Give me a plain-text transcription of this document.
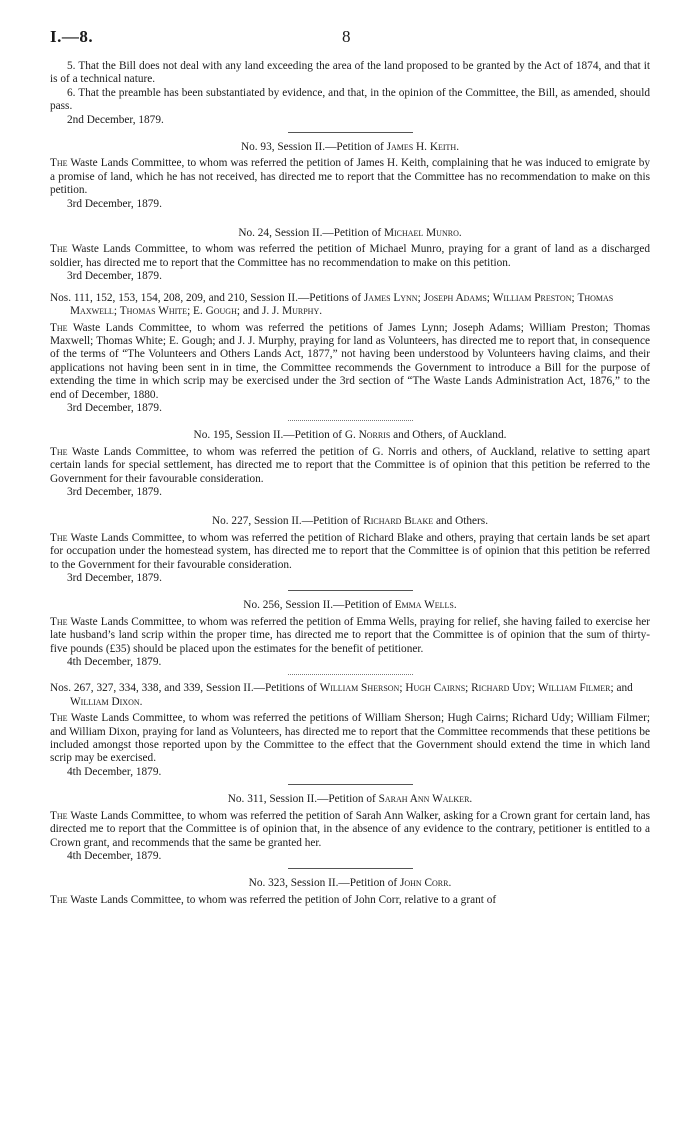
I.—8.	8

5. That the Bill does not deal with any land exceeding the area of the land proposed to be granted by the Act of 1874, and that it is of a technical nature.

6. That the preamble has been substantiated by evidence, and that, in the opinion of the Committee, the Bill, as amended, should pass.

2nd December, 1879.

No. 93, Session II.—Petition of James H. Keith.

The Waste Lands Committee, to whom was referred the petition of James H. Keith, complaining that he was induced to emigrate by a promise of land, which he has not received, has directed me to report that the Committee has no recommendation to make on this petition.

3rd December, 1879.

No. 24, Session II.—Petition of Michael Munro.

The Waste Lands Committee, to whom was referred the petition of Michael Munro, praying for a grant of land as a discharged soldier, has directed me to report that the Committee has no recommendation to make on this petition.

3rd December, 1879.

Nos. 111, 152, 153, 154, 208, 209, and 210, Session II.—Petitions of James Lynn; Joseph Adams; William Preston; Thomas Maxwell; Thomas White; E. Gough; and J. J. Murphy.

The Waste Lands Committee, to whom was referred the petitions of James Lynn; Joseph Adams; William Preston; Thomas Maxwell; Thomas White; E. Gough; and J. J. Murphy, praying for land as Volunteers, has directed me to report that, in consequence of the terms of “The Volunteers and Others Lands Act, 1877,” not having been understood by Volunteers having claims, and their applications not having been sent in in time, the Committee recommends the Government to introduce a Bill for the purpose of extending the time in which scrip may be exercised under the 3rd section of “The Waste Lands Administration Act, 1876,” to the end of December, 1880.

3rd December, 1879.

No. 195, Session II.—Petition of G. Norris and Others, of Auckland.

The Waste Lands Committee, to whom was referred the petition of G. Norris and others, of Auckland, relative to setting apart certain lands for special settlement, has directed me to report that the Committee is of opinion that this petition be referred to the Government for their favourable consideration.

3rd December, 1879.

No. 227, Session II.—Petition of Richard Blake and Others.

The Waste Lands Committee, to whom was referred the petition of Richard Blake and others, praying that certain lands be set apart for occupation under the homestead system, has directed me to report that the Committee is of opinion that this petition be referred to the Government for their favourable consideration.

3rd December, 1879.

No. 256, Session II.—Petition of Emma Wells.

The Waste Lands Committee, to whom was referred the petition of Emma Wells, praying for relief, she having failed to exercise her late husband’s land scrip within the proper time, has directed me to report that the Committee is of opinion that the sum of thirty-five pounds (£35) should be placed upon the estimates for the benefit of petitioner.

4th December, 1879.

Nos. 267, 327, 334, 338, and 339, Session II.—Petitions of William Sherson; Hugh Cairns; Richard Udy; William Filmer; and William Dixon.

The Waste Lands Committee, to whom was referred the petitions of William Sherson; Hugh Cairns; Richard Udy; William Filmer; and William Dixon, praying for land as Volunteers, has directed me to report that the Committee recommends that these petitions be included amongst those reported upon by the Committee to the effect that the Government should extend the time in which land scrip may be exercised.

4th December, 1879.

No. 311, Session II.—Petition of Sarah Ann Walker.

The Waste Lands Committee, to whom was referred the petition of Sarah Ann Walker, asking for a Crown grant for certain land, has directed me to report that the Committee is of opinion that, in the absence of any evidence to the contrary, petitioner is entitled to a Crown grant, and recommends that the same be granted her.

4th December, 1879.

No. 323, Session II.—Petition of John Corr.

The Waste Lands Committee, to whom was referred the petition of John Corr, relative to a grant of
